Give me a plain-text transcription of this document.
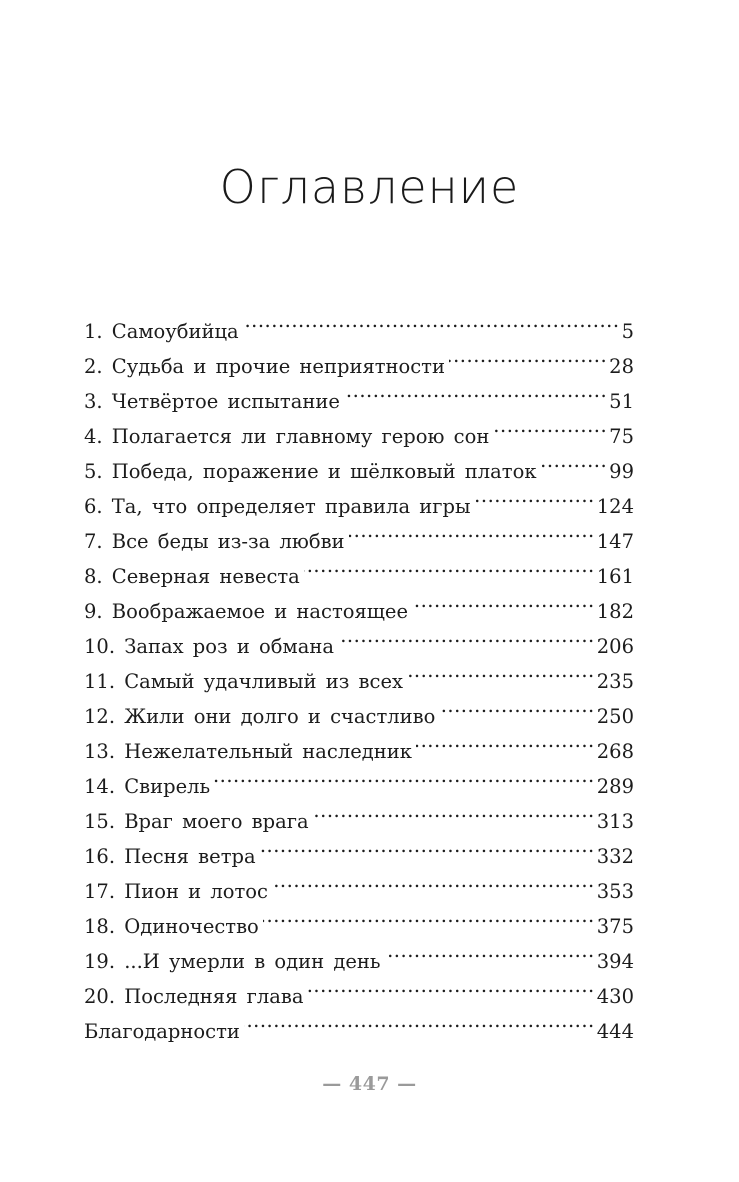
Оглавление
1. Самоубийца .....	5
2. Судьба и прочие неприятности .....	28
3. Четвёртое испытание .....	51
4. Полагается ли главному герою сон .....	75
5. Победа, поражение и шёлковый платок .....	99
6. Та, что определяет правила игры .....	124
7. Все беды из-за любви .....	147
8. Северная невеста .....	161
9. Воображаемое и настоящее .....	182
10. Запах роз и обмана .....	206
11. Самый удачливый из всех .....	235
12. Жили они долго и счастливо .....	250
13. Нежелательный наследник .....	268
14. Свирель .....	289
15. Враг моего врага .....	313
16. Песня ветра .....	332
17. Пион и лотос .....	353
18. Одиночество .....	375
19. ...И умерли в один день .....	394
20. Последняя глава .....	430
Благодарности .....	444
— 447 —
